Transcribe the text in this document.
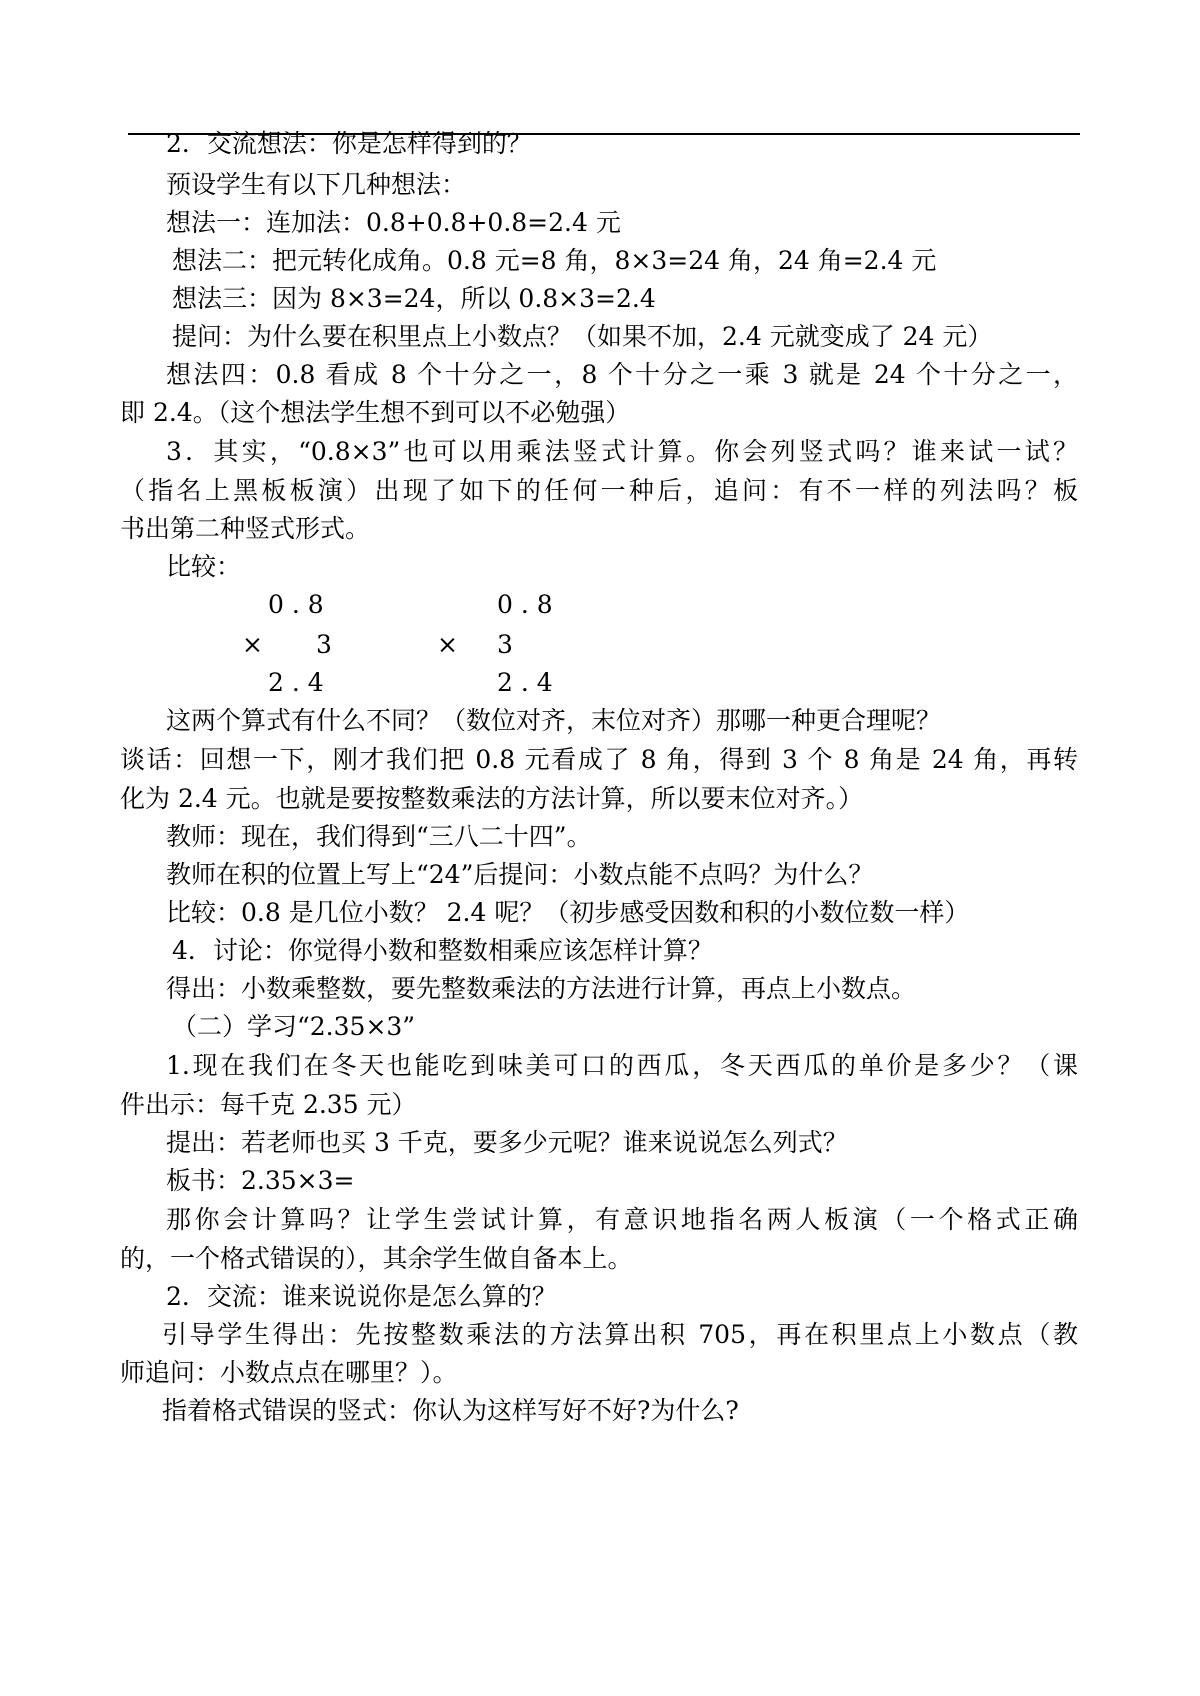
2．交流想法：你是怎样得到的？
预设学生有以下几种想法：
想法一：连加法：0.8+0.8+0.8=2.4 元
想法二：把元转化成角。0.8 元=8 角，8×3=24 角，24 角=2.4 元
想法三：因为 8×3=24，所以 0.8×3=2.4
提问：为什么要在积里点上小数点？（如果不加，2.4 元就变成了 24 元）
想法四：0.8 看成 8 个十分之一，8 个十分之一乘 3 就是 24 个十分之一，
即 2.4。（这个想法学生想不到可以不必勉强）
3．其实，“0.8×3”也可以用乘法竖式计算。你会列竖式吗？谁来试一试？
（指名上黑板板演）出现了如下的任何一种后，追问：有不一样的列法吗？板
书出第二种竖式形式。
比较：
0 . 8
× 3
2 . 4
0 . 8
× 3
2 . 4
这两个算式有什么不同？（数位对齐，末位对齐）那哪一种更合理呢？
谈话：回想一下，刚才我们把 0.8 元看成了 8 角，得到 3 个 8 角是 24 角，再转
化为 2.4 元。也就是要按整数乘法的方法计算，所以要末位对齐。）
教师：现在，我们得到“三八二十四”。
教师在积的位置上写上“24”后提问：小数点能不点吗？为什么？
比较：0.8 是几位小数？ 2.4 呢？（初步感受因数和积的小数位数一样）
4．讨论：你觉得小数和整数相乘应该怎样计算？
得出：小数乘整数，要先整数乘法的方法进行计算，再点上小数点。
（二）学习“2.35×3”
1.现在我们在冬天也能吃到味美可口的西瓜，冬天西瓜的单价是多少？（课
件出示：每千克 2.35 元）
提出：若老师也买 3 千克，要多少元呢？谁来说说怎么列式？
板书：2.35×3=
那你会计算吗？让学生尝试计算，有意识地指名两人板演（一个格式正确
的，一个格式错误的），其余学生做自备本上。
2．交流：谁来说说你是怎么算的？
引导学生得出：先按整数乘法的方法算出积 705，再在积里点上小数点（教
师追问：小数点点在哪里？）。
指着格式错误的竖式：你认为这样写好不好?为什么?
